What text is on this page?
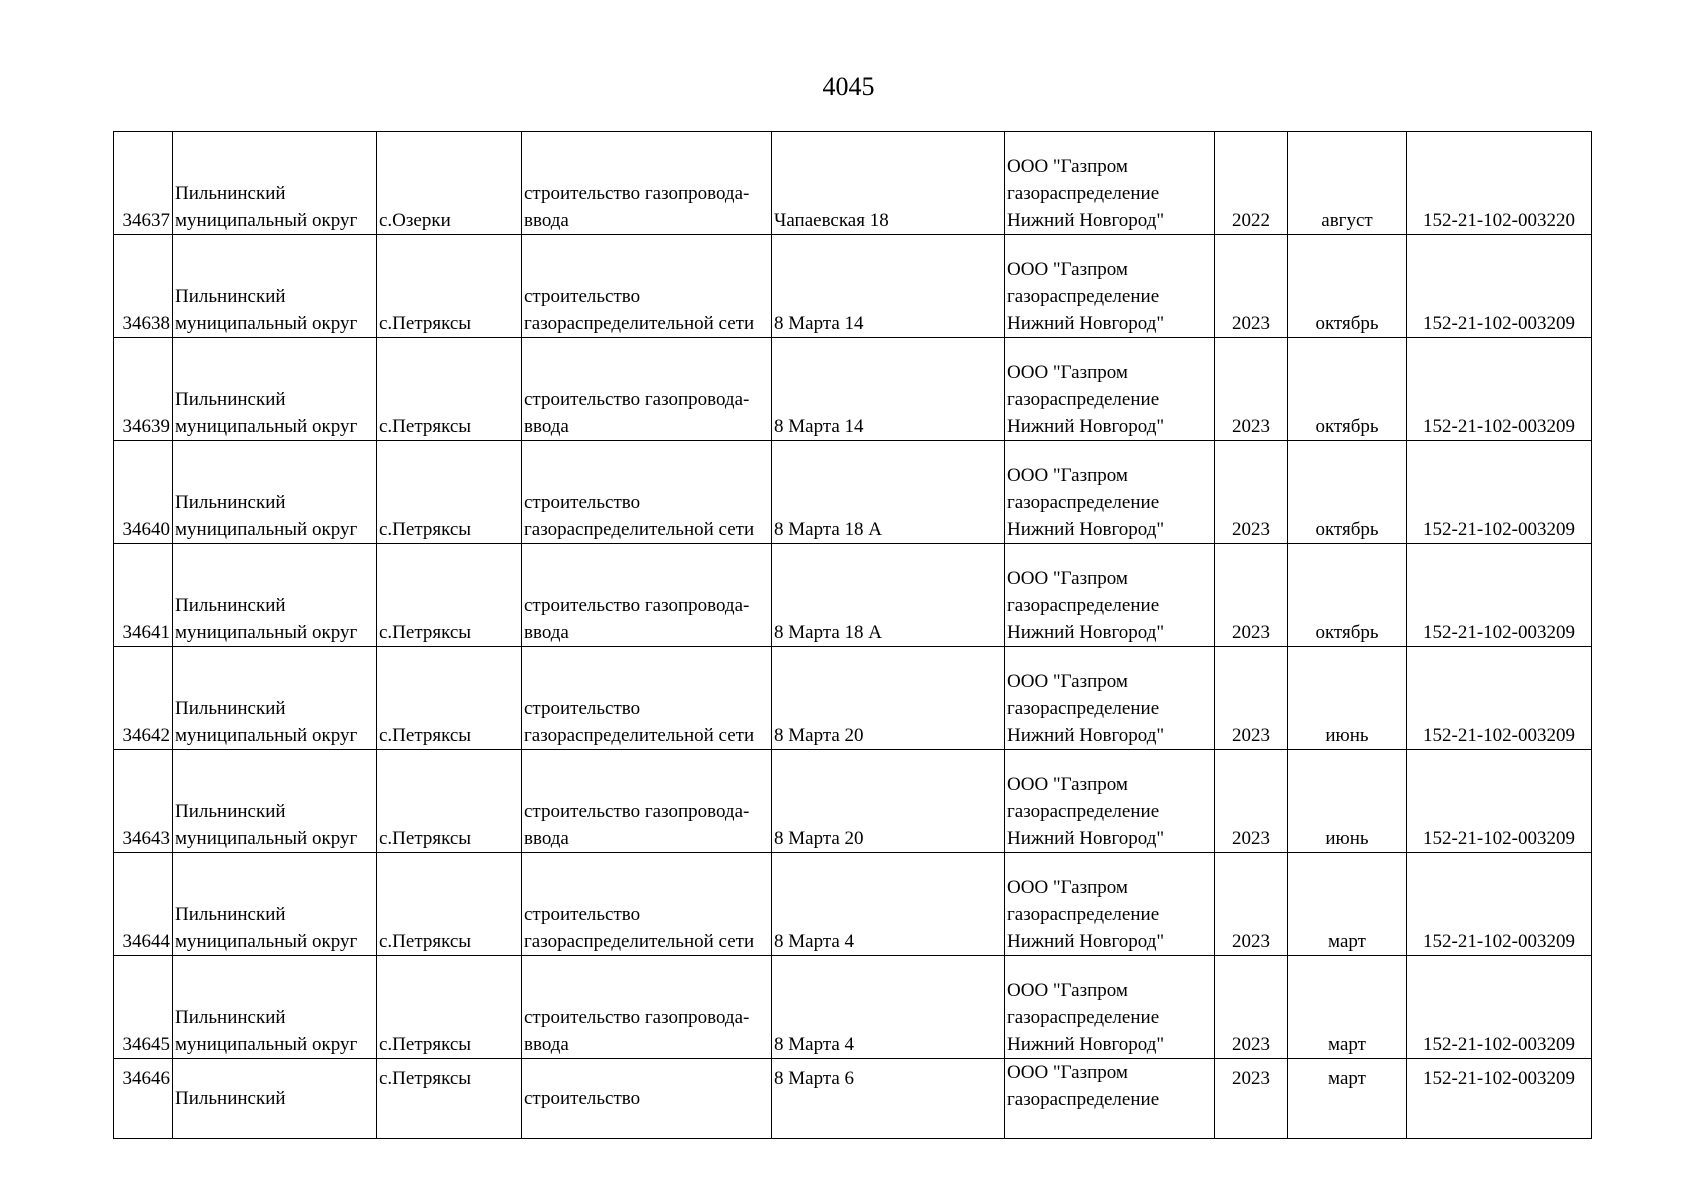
4045
34637	Пильнинский
муниципальный округ	с.Озерки	строительство газопровода-
ввода	Чапаевская 18	ООО "Газпром
газораспределение
Нижний Новгород"	2022	август	152-21-102-003220

34638	Пильнинский
муниципальный округ	с.Петряксы	строительство
газораспределительной сети	8 Марта 14	ООО "Газпром
газораспределение
Нижний Новгород"	2023	октябрь	152-21-102-003209

34639	Пильнинский
муниципальный округ	с.Петряксы	строительство газопровода-
ввода	8 Марта 14	ООО "Газпром
газораспределение
Нижний Новгород"	2023	октябрь	152-21-102-003209

34640	Пильнинский
муниципальный округ	с.Петряксы	строительство
газораспределительной сети	8 Марта 18 А	ООО "Газпром
газораспределение
Нижний Новгород"	2023	октябрь	152-21-102-003209

34641	Пильнинский
муниципальный округ	с.Петряксы	строительство газопровода-
ввода	8 Марта 18 А	ООО "Газпром
газораспределение
Нижний Новгород"	2023	октябрь	152-21-102-003209

34642	Пильнинский
муниципальный округ	с.Петряксы	строительство
газораспределительной сети	8 Марта 20	ООО "Газпром
газораспределение
Нижний Новгород"	2023	июнь	152-21-102-003209

34643	Пильнинский
муниципальный округ	с.Петряксы	строительство газопровода-
ввода	8 Марта 20	ООО "Газпром
газораспределение
Нижний Новгород"	2023	июнь	152-21-102-003209

34644	Пильнинский
муниципальный округ	с.Петряксы	строительство
газораспределительной сети	8 Марта 4	ООО "Газпром
газораспределение
Нижний Новгород"	2023	март	152-21-102-003209

34645	Пильнинский
муниципальный округ	с.Петряксы	строительство газопровода-
ввода	8 Марта 4	ООО "Газпром
газораспределение
Нижний Новгород"	2023	март	152-21-102-003209

34646	Пильнинский	с.Петряксы	строительство	8 Марта 6	ООО "Газпром
газораспределение	2023	март	152-21-102-003209
